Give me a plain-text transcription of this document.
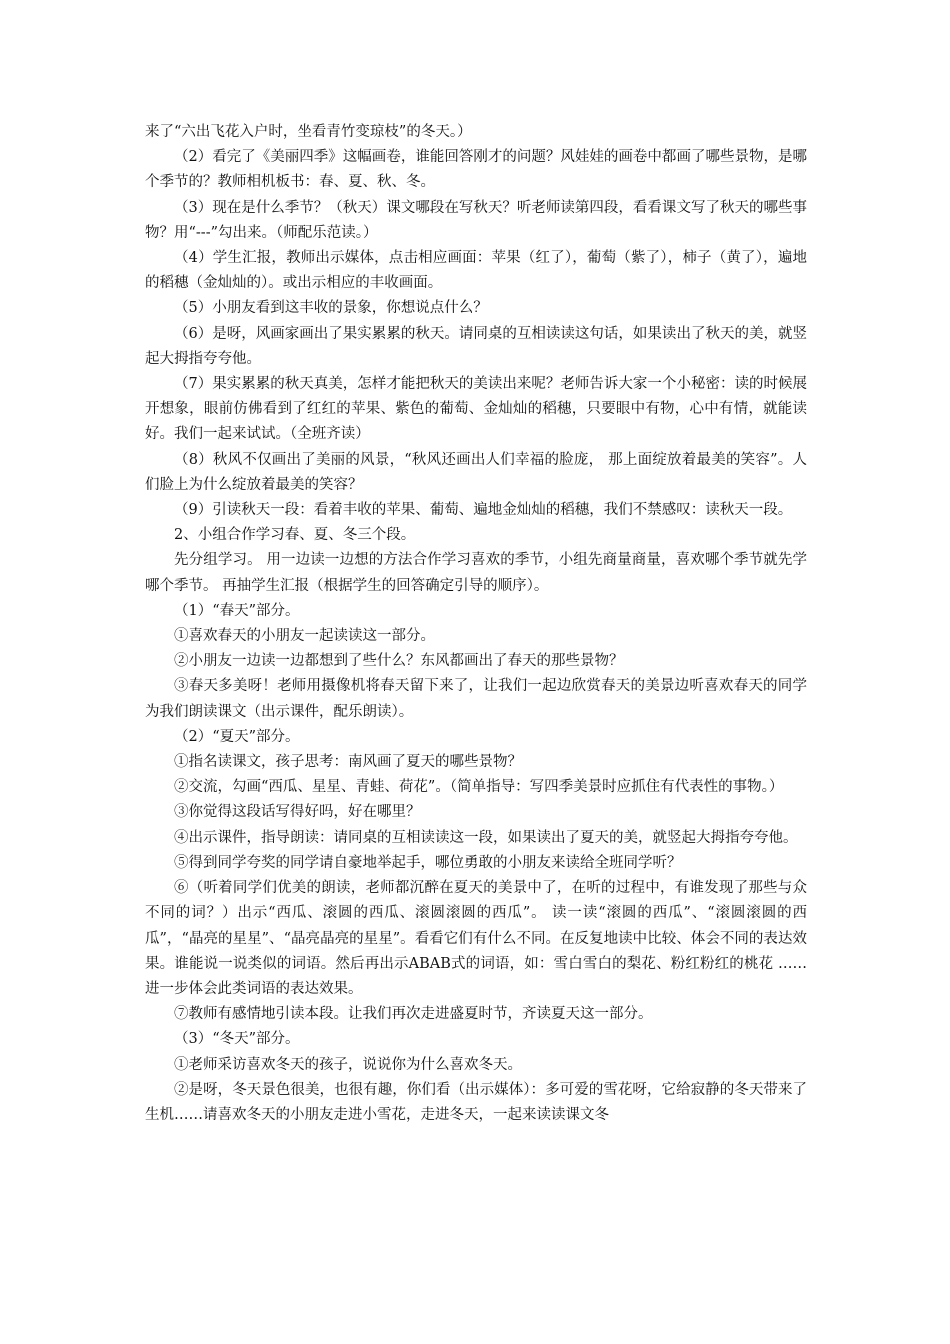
来了“六出飞花入户时，坐看青竹变琼枝”的冬天。）

（2）看完了《美丽四季》这幅画卷，谁能回答刚才的问题？风娃娃的画卷中都画了哪些景物，是哪个季节的？教师相机板书：春、夏、秋、冬。

（3）现在是什么季节？（秋天）课文哪段在写秋天？听老师读第四段，看看课文写了秋天的哪些事物？用“---”勾出来。（师配乐范读。）

（4）学生汇报，教师出示媒体，点击相应画面：苹果（红了），葡萄（紫了），柿子（黄了），遍地的稻穗（金灿灿的）。或出示相应的丰收画面。

（5）小朋友看到这丰收的景象，你想说点什么？

（6）是呀，风画家画出了果实累累的秋天。请同桌的互相读读这句话，如果读出了秋天的美，就竖起大拇指夸夸他。

（7）果实累累的秋天真美，怎样才能把秋天的美读出来呢？老师告诉大家一个小秘密：读的时候展开想象，眼前仿佛看到了红红的苹果、紫色的葡萄、金灿灿的稻穗，只要眼中有物，心中有情，就能读好。我们一起来试试。（全班齐读）

（8）秋风不仅画出了美丽的风景，“秋风还画出人们幸福的脸庞， 那上面绽放着最美的笑容”。人们脸上为什么绽放着最美的笑容？

（9）引读秋天一段：看着丰收的苹果、葡萄、遍地金灿灿的稻穗，我们不禁感叹：读秋天一段。

2、小组合作学习春、夏、冬三个段。

先分组学习。 用一边读一边想的方法合作学习喜欢的季节，小组先商量商量，喜欢哪个季节就先学哪个季节。 再抽学生汇报（根据学生的回答确定引导的顺序）。

（1）“春天”部分。

①喜欢春天的小朋友一起读读这一部分。

②小朋友一边读一边都想到了些什么？东风都画出了春天的那些景物？

③春天多美呀！老师用摄像机将春天留下来了，让我们一起边欣赏春天的美景边听喜欢春天的同学为我们朗读课文（出示课件，配乐朗读）。

（2）“夏天”部分。

①指名读课文，孩子思考：南风画了夏天的哪些景物？

②交流，勾画“西瓜、星星、青蛙、荷花”。（简单指导：写四季美景时应抓住有代表性的事物。）

③你觉得这段话写得好吗，好在哪里？

④出示课件，指导朗读：请同桌的互相读读这一段，如果读出了夏天的美，就竖起大拇指夸夸他。

⑤得到同学夸奖的同学请自豪地举起手，哪位勇敢的小朋友来读给全班同学听？

⑥（听着同学们优美的朗读，老师都沉醉在夏天的美景中了，在听的过程中，有谁发现了那些与众不同的词？）出示“西瓜、滚圆的西瓜、滚圆滚圆的西瓜”。 读一读“滚圆的西瓜”、“滚圆滚圆的西瓜”，“晶亮的星星”、“晶亮晶亮的星星”。看看它们有什么不同。在反复地读中比较、体会不同的表达效果。谁能说一说类似的词语。然后再出示ABAB式的词语，如：雪白雪白的梨花、粉红粉红的桃花 ……进一步体会此类词语的表达效果。

⑦教师有感情地引读本段。让我们再次走进盛夏时节，齐读夏天这一部分。

（3）“冬天”部分。

①老师采访喜欢冬天的孩子，说说你为什么喜欢冬天。

②是呀，冬天景色很美，也很有趣，你们看（出示媒体）：多可爱的雪花呀，它给寂静的冬天带来了生机……请喜欢冬天的小朋友走进小雪花，走进冬天，一起来读读课文冬
